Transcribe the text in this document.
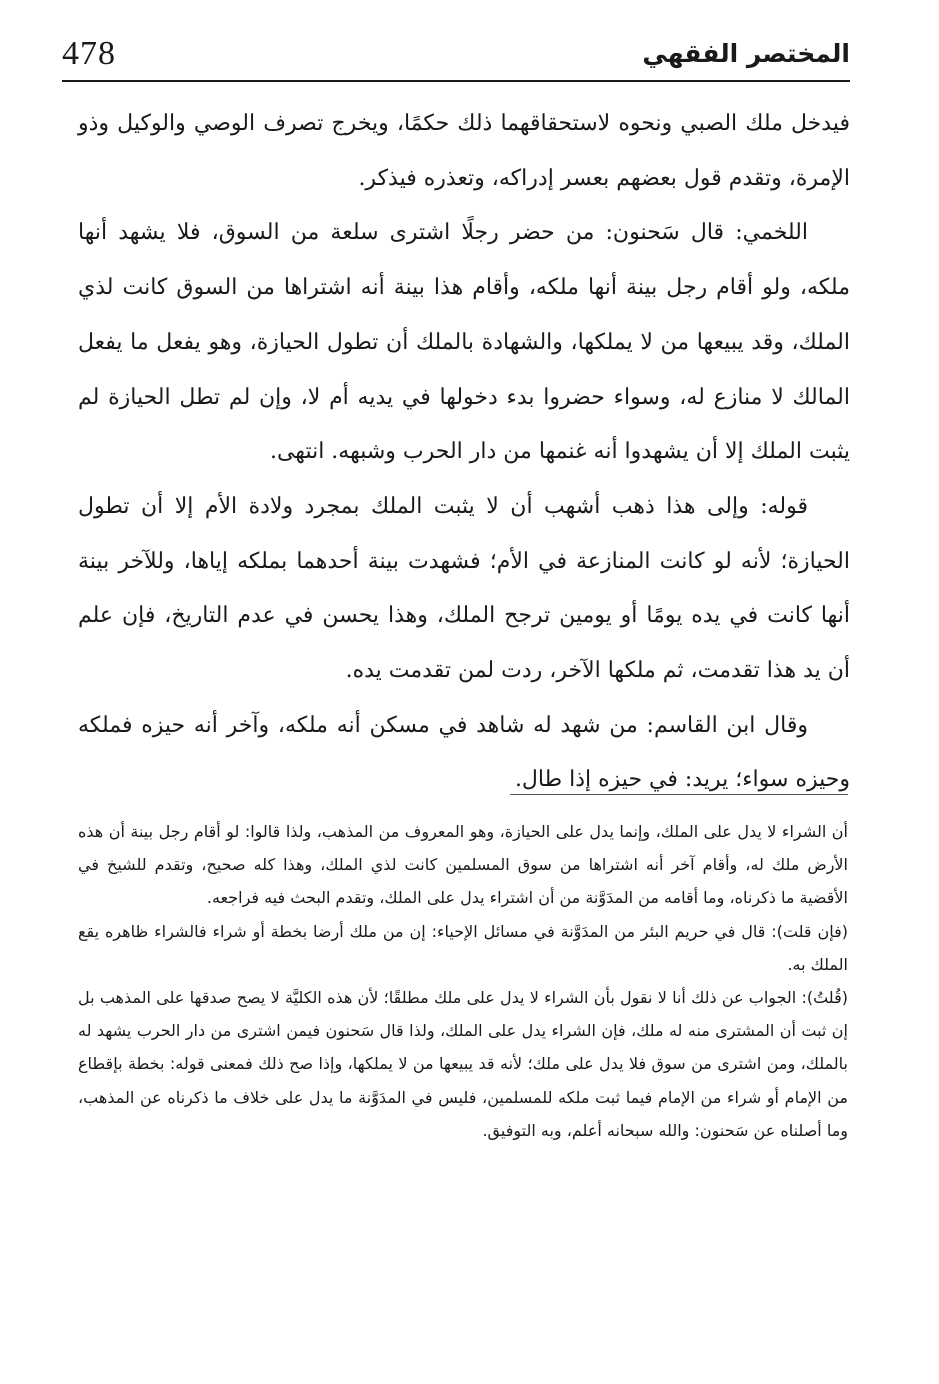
478	المختصر الفقهي

فيدخل ملك الصبي ونحوه لاستحقاقهما ذلك حكمًا، ويخرج تصرف الوصي والوكيل وذو الإمرة، وتقدم قول بعضهم بعسر إدراكه، وتعذره فيذكر.

اللخمي: قال سَحنون: من حضر رجلًا اشترى سلعة من السوق، فلا يشهد أنها ملكه، ولو أقام رجل بينة أنها ملكه، وأقام هذا بينة أنه اشتراها من السوق كانت لذي الملك، وقد يبيعها من لا يملكها، والشهادة بالملك أن تطول الحيازة، وهو يفعل ما يفعل المالك لا منازع له، وسواء حضروا بدء دخولها في يديه أم لا، وإن لم تطل الحيازة لم يثبت الملك إلا أن يشهدوا أنه غنمها من دار الحرب وشبهه. انتهى.

قوله: وإلى هذا ذهب أشهب أن لا يثبت الملك بمجرد ولادة الأم إلا أن تطول الحيازة؛ لأنه لو كانت المنازعة في الأم؛ فشهدت بينة أحدهما بملكه إياها، وللآخر بينة أنها كانت في يده يومًا أو يومين ترجح الملك، وهذا يحسن في عدم التاريخ، فإن علم أن يد هذا تقدمت، ثم ملكها الآخر، ردت لمن تقدمت يده.

وقال ابن القاسم: من شهد له شاهد في مسكن أنه ملكه، وآخر أنه حيزه فملكه وحيزه سواء؛ يريد: في حيزه إذا طال.

أن الشراء لا يدل على الملك، وإنما يدل على الحيازة، وهو المعروف من المذهب، ولذا قالوا: لو أقام رجل بينة أن هذه الأرض ملك له، وأقام آخر أنه اشتراها من سوق المسلمين كانت لذي الملك، وهذا كله صحيح، وتقدم للشيخ في الأقضية ما ذكرناه، وما أقامه من المدَوَّنة من أن اشتراء يدل على الملك، وتقدم البحث فيه فراجعه.

(فإن قلت): قال في حريم البئر من المدَوَّنة في مسائل الإحياء: إن من ملك أرضا بخطة أو شراء فالشراء ظاهره يقع الملك به.

(قُلتُ): الجواب عن ذلك أنا لا نقول بأن الشراء لا يدل على ملك مطلقًا؛ لأن هذه الكليَّة لا يصح صدقها على المذهب بل إن ثبت أن المشترى منه له ملك، فإن الشراء يدل على الملك، ولذا قال سَحنون فيمن اشترى من دار الحرب يشهد له بالملك، ومن اشترى من سوق فلا يدل على ملك؛ لأنه قد يبيعها من لا يملكها، وإذا صح ذلك فمعنى قوله: بخطة بإقطاع من الإمام أو شراء من الإمام فيما ثبت ملكه للمسلمين، فليس في المدَوَّنة ما يدل على خلاف ما ذكرناه عن المذهب، وما أصلناه عن سَحنون: والله سبحانه أعلم، وبه التوفيق.
